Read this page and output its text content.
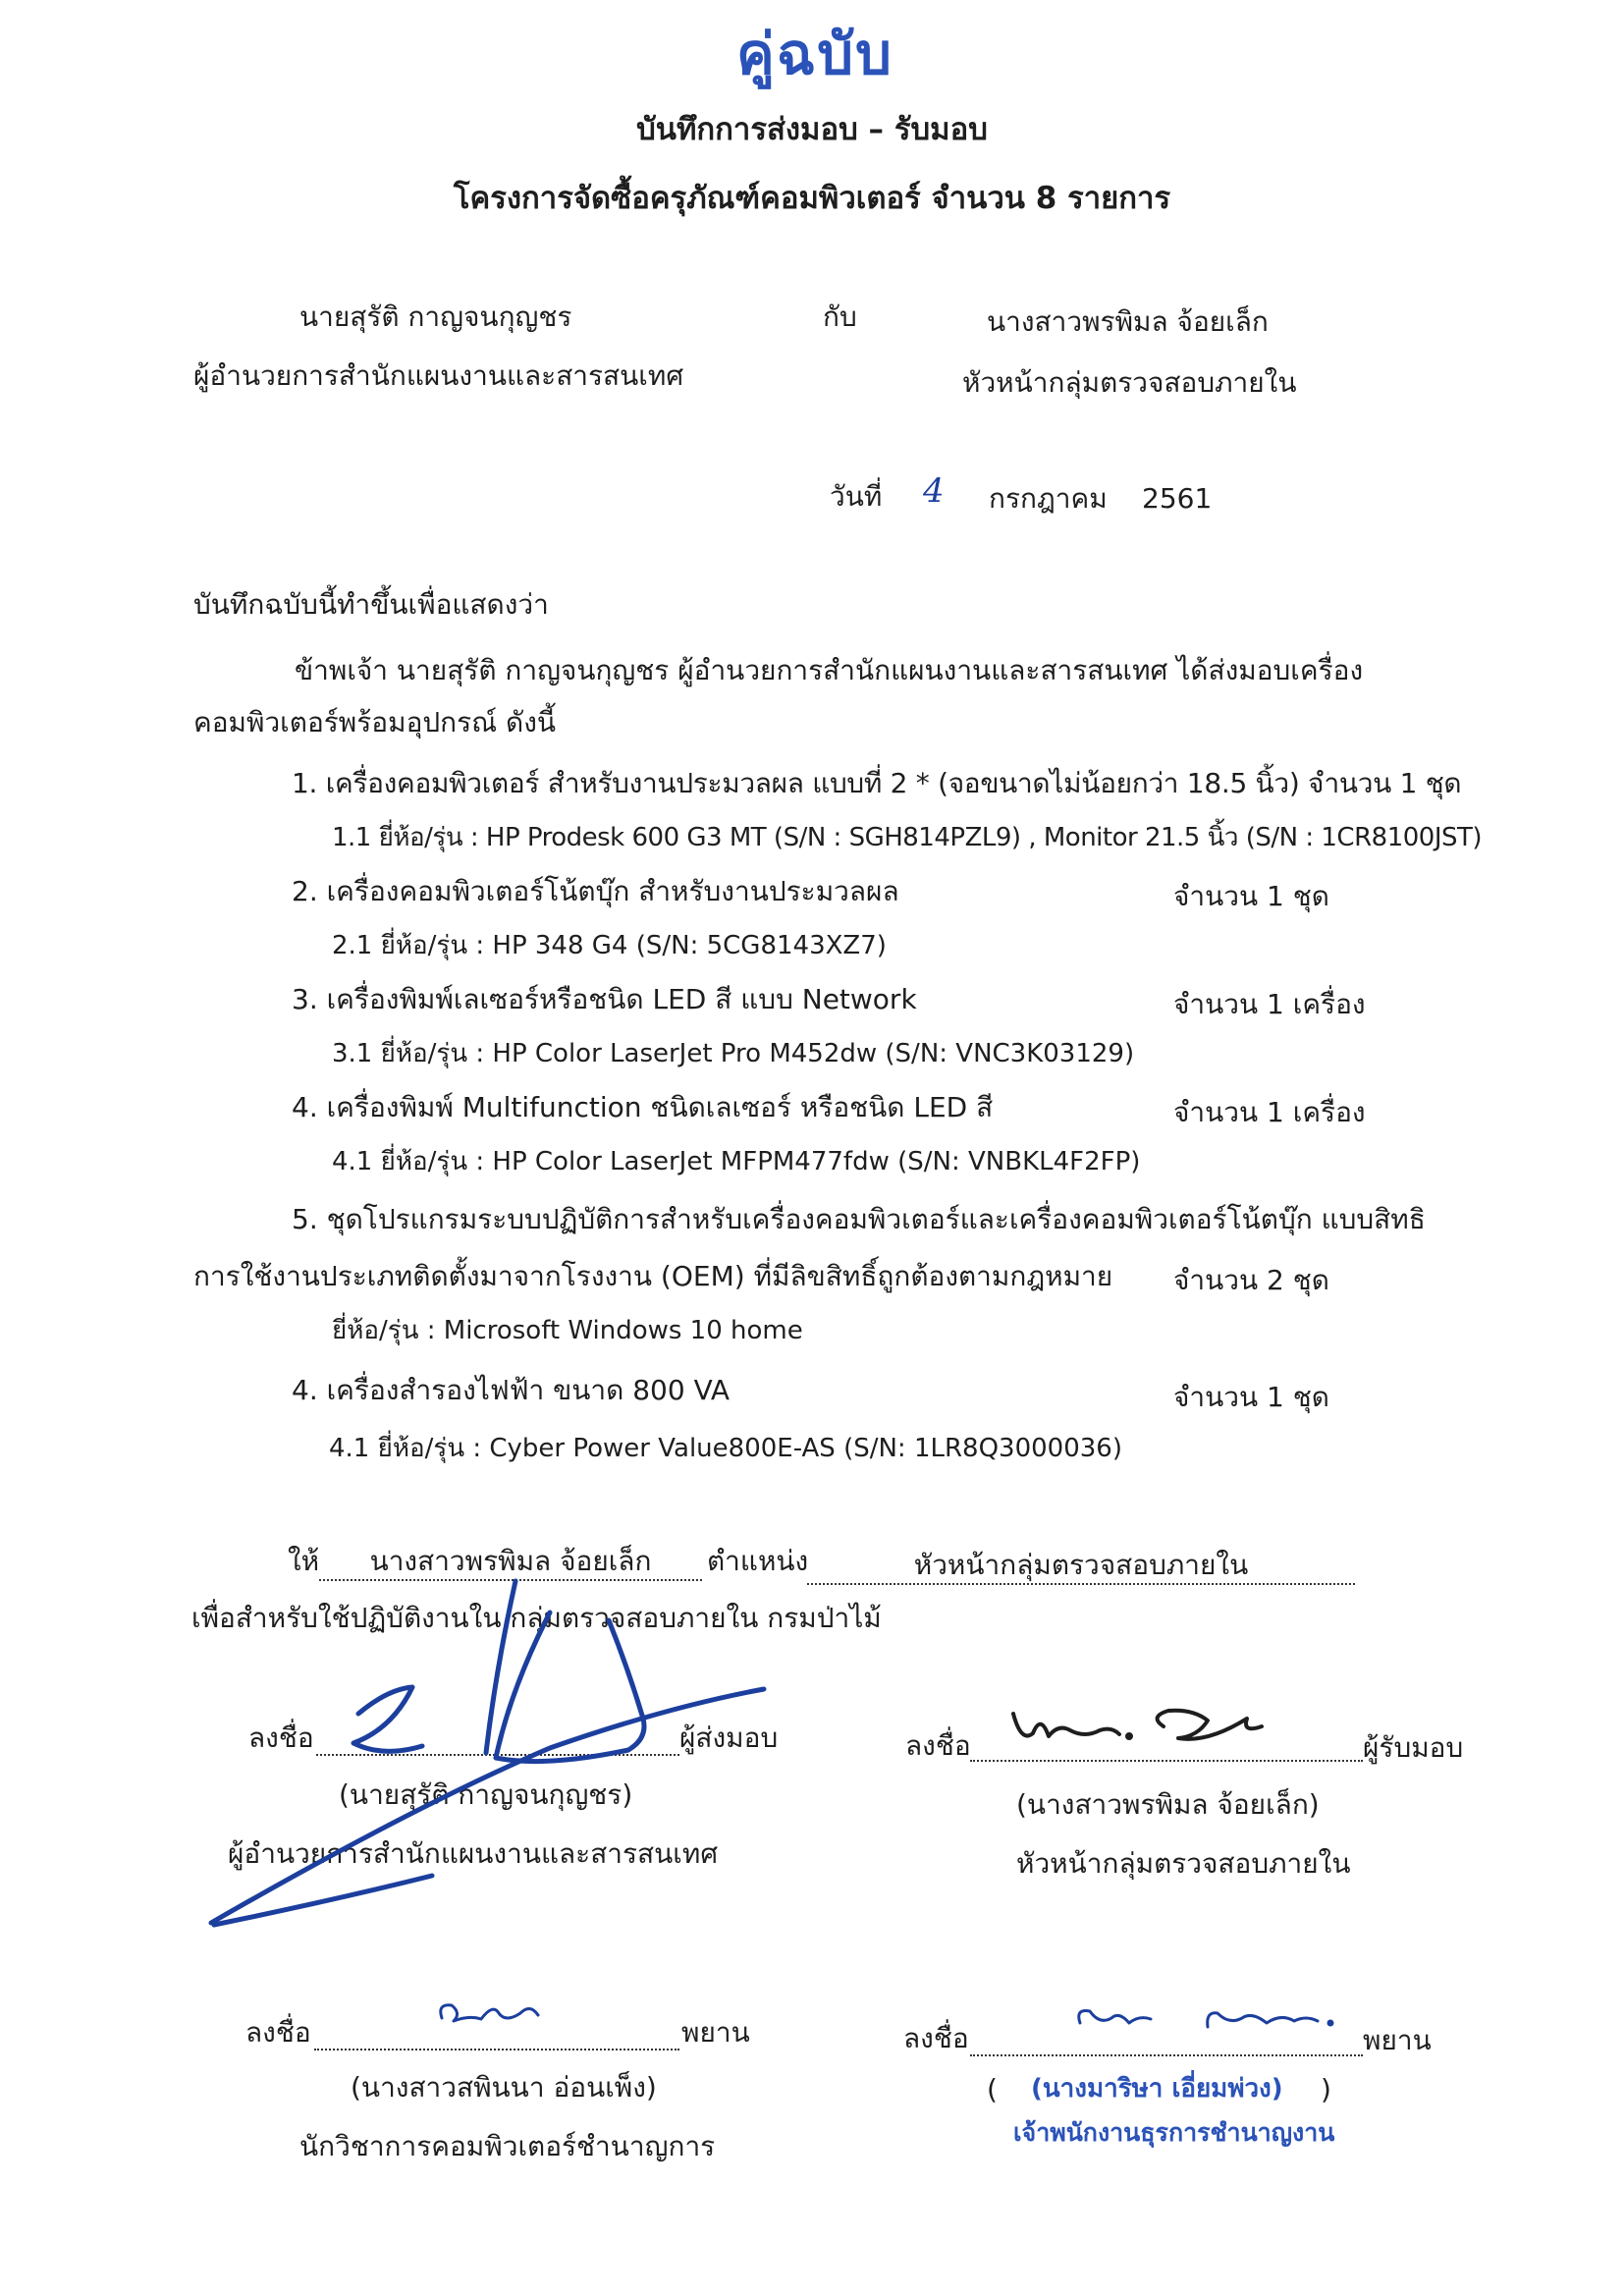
คู่ฉบับ
บันทึกการส่งมอบ – รับมอบ
โครงการจัดซื้อครุภัณฑ์คอมพิวเตอร์ จำนวน 8 รายการ
นายสุรัติ กาญจนกุญชร	กับ	นางสาวพรพิมล จ้อยเล็ก
ผู้อำนวยการสำนักแผนงานและสารสนเทศ	หัวหน้ากลุ่มตรวจสอบภายใน
วันที่ 4 กรกฎาคม 2561
บันทึกฉบับนี้ทำขึ้นเพื่อแสดงว่า
ข้าพเจ้า นายสุรัติ กาญจนกุญชร ผู้อำนวยการสำนักแผนงานและสารสนเทศ ได้ส่งมอบเครื่อง
คอมพิวเตอร์พร้อมอุปกรณ์ ดังนี้
1. เครื่องคอมพิวเตอร์ สำหรับงานประมวลผล แบบที่ 2 * (จอขนาดไม่น้อยกว่า 18.5 นิ้ว) จำนวน 1 ชุด
1.1 ยี่ห้อ/รุ่น : HP Prodesk 600 G3 MT (S/N : SGH814PZL9) , Monitor 21.5 นิ้ว (S/N : 1CR8100JST)
2. เครื่องคอมพิวเตอร์โน้ตบุ๊ก สำหรับงานประมวลผล	จำนวน 1 ชุด
2.1 ยี่ห้อ/รุ่น : HP 348 G4 (S/N: 5CG8143XZ7)
3. เครื่องพิมพ์เลเซอร์หรือชนิด LED สี แบบ Network	จำนวน 1 เครื่อง
3.1 ยี่ห้อ/รุ่น : HP Color LaserJet Pro M452dw (S/N: VNC3K03129)
4. เครื่องพิมพ์ Multifunction ชนิดเลเซอร์ หรือชนิด LED สี	จำนวน 1 เครื่อง
4.1 ยี่ห้อ/รุ่น : HP Color LaserJet MFPM477fdw (S/N: VNBKL4F2FP)
5. ชุดโปรแกรมระบบปฏิบัติการสำหรับเครื่องคอมพิวเตอร์และเครื่องคอมพิวเตอร์โน้ตบุ๊ก แบบสิทธิ
การใช้งานประเภทติดตั้งมาจากโรงงาน (OEM) ที่มีลิขสิทธิ์ถูกต้องตามกฎหมาย จำนวน 2 ชุด
ยี่ห้อ/รุ่น : Microsoft Windows 10 home
4. เครื่องสำรองไฟฟ้า ขนาด 800 VA	จำนวน 1 ชุด
4.1 ยี่ห้อ/รุ่น : Cyber Power Value800E-AS (S/N: 1LR8Q3000036)
ให้	นางสาวพรพิมล จ้อยเล็ก	ตำแหน่ง	หัวหน้ากลุ่มตรวจสอบภายใน
เพื่อสำหรับใช้ปฏิบัติงานใน กลุ่มตรวจสอบภายใน กรมป่าไม้
ลงชื่อ	ผู้ส่งมอบ
(นายสุรัติ กาญจนกุญชร)
ผู้อำนวยการสำนักแผนงานและสารสนเทศ
ลงชื่อ	ผู้รับมอบ
(นางสาวพรพิมล จ้อยเล็ก)
หัวหน้ากลุ่มตรวจสอบภายใน
ลงชื่อ	พยาน
(นางสาวสพินนา อ่อนเพ็ง)
นักวิชาการคอมพิวเตอร์ชำนาญการ
ลงชื่อ	พยาน
( (นางมาริษา เอี่ยมพ่วง) )
เจ้าพนักงานธุรการชำนาญงาน
